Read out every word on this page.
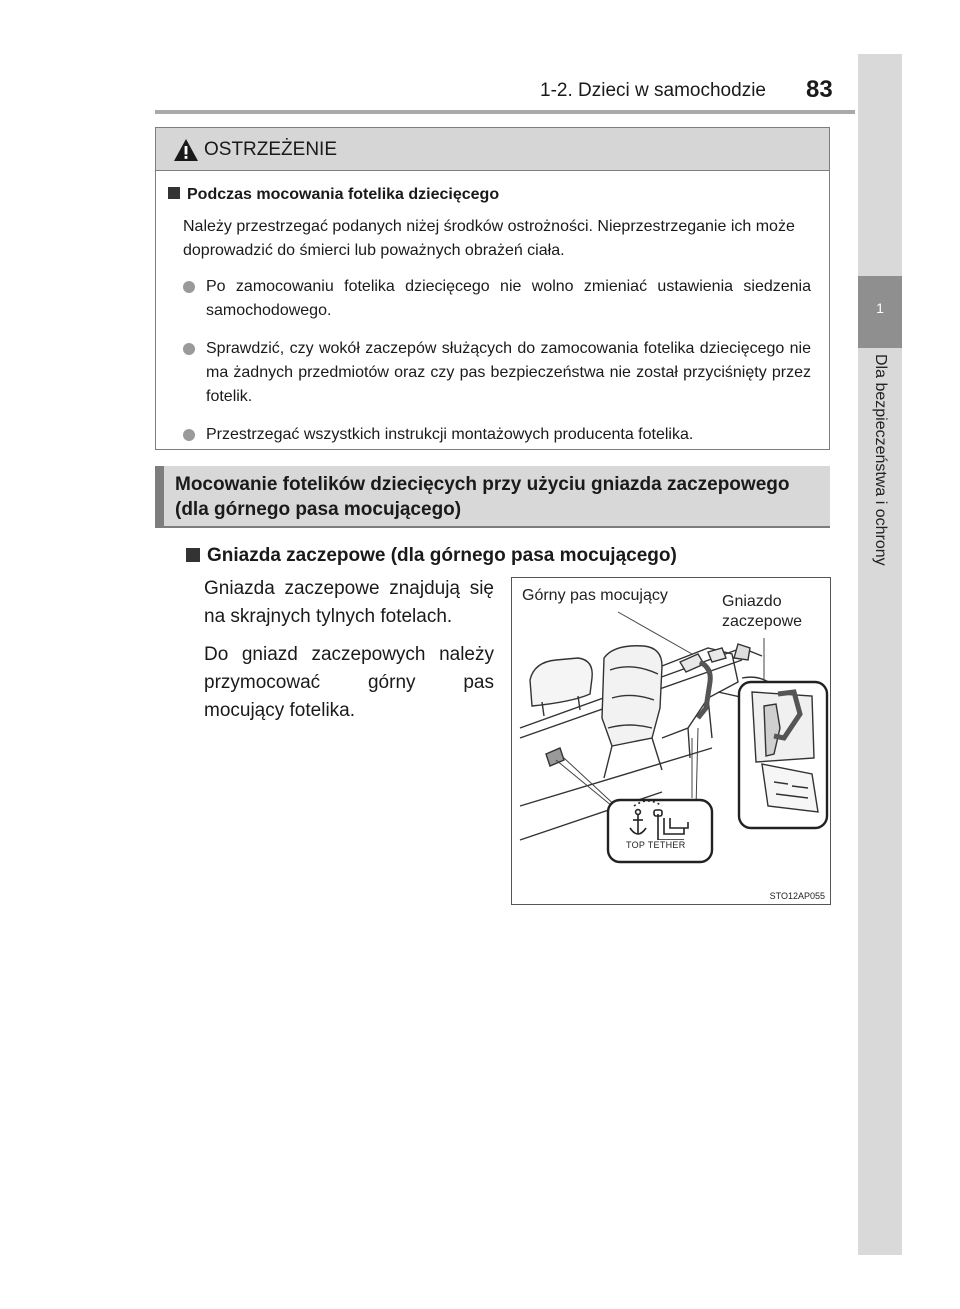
1-2. Dzieci w samochodzie 83
1
Dla bezpieczeństwa i ochrony
OSTRZEŻENIE
Podczas mocowania fotelika dziecięcego
Należy przestrzegać podanych niżej środków ostrożności. Nieprzestrzeganie ich może doprowadzić do śmierci lub poważnych obrażeń ciała.
Po zamocowaniu fotelika dziecięcego nie wolno zmieniać ustawienia siedzenia samochodowego.
Sprawdzić, czy wokół zaczepów służących do zamocowania fotelika dziecięcego nie ma żadnych przedmiotów oraz czy pas bezpieczeństwa nie został przyciśnięty przez fotelik.
Przestrzegać wszystkich instrukcji montażowych producenta fotelika.
Mocowanie fotelików dziecięcych przy użyciu gniazda zaczepowego (dla górnego pasa mocującego)
Gniazda zaczepowe (dla górnego pasa mocującego)

Gniazda zaczepowe znajdują się na skrajnych tylnych fotelach.

Do gniazd zaczepowych należy przymocować górny pas mocujący fotelika.

Górny pas mocujący	Gniazdo
zaczepowe
TOP TETHER
STO12AP055
